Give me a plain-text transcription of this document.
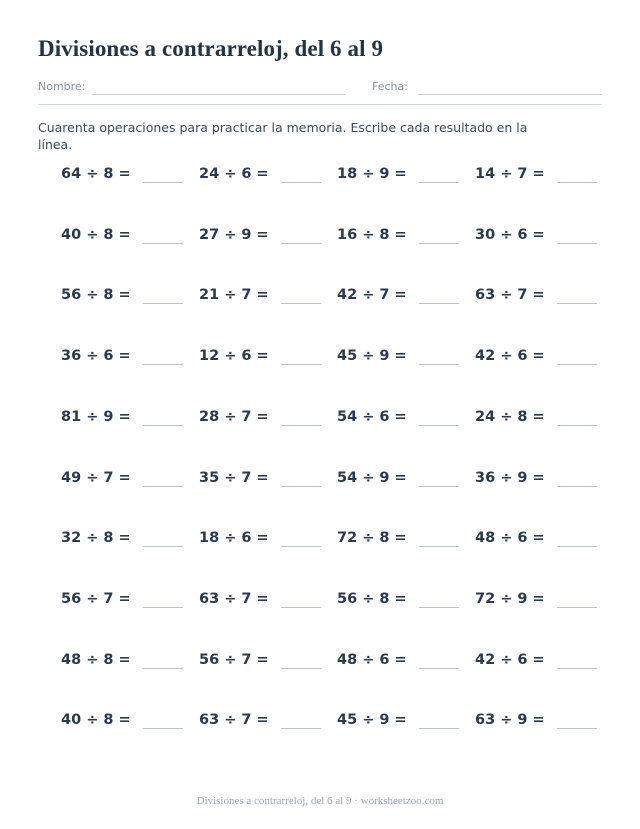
Divisiones a contrarreloj, del 6 al 9
Nombre:	Fecha:

Cuarenta operaciones para practicar la memoria. Escribe cada resultado en la línea.

64 ÷ 8 =	24 ÷ 6 =	18 ÷ 9 =	14 ÷ 7 =
40 ÷ 8 =	27 ÷ 9 =	16 ÷ 8 =	30 ÷ 6 =
56 ÷ 8 =	21 ÷ 7 =	42 ÷ 7 =	63 ÷ 7 =
36 ÷ 6 =	12 ÷ 6 =	45 ÷ 9 =	42 ÷ 6 =
81 ÷ 9 =	28 ÷ 7 =	54 ÷ 6 =	24 ÷ 8 =
49 ÷ 7 =	35 ÷ 7 =	54 ÷ 9 =	36 ÷ 9 =
32 ÷ 8 =	18 ÷ 6 =	72 ÷ 8 =	48 ÷ 6 =
56 ÷ 7 =	63 ÷ 7 =	56 ÷ 8 =	72 ÷ 9 =
48 ÷ 8 =	56 ÷ 7 =	48 ÷ 6 =	42 ÷ 6 =
40 ÷ 8 =	63 ÷ 7 =	45 ÷ 9 =	63 ÷ 9 =
Divisiones a contrarreloj, del 6 al 9 · worksheetzoo.com
